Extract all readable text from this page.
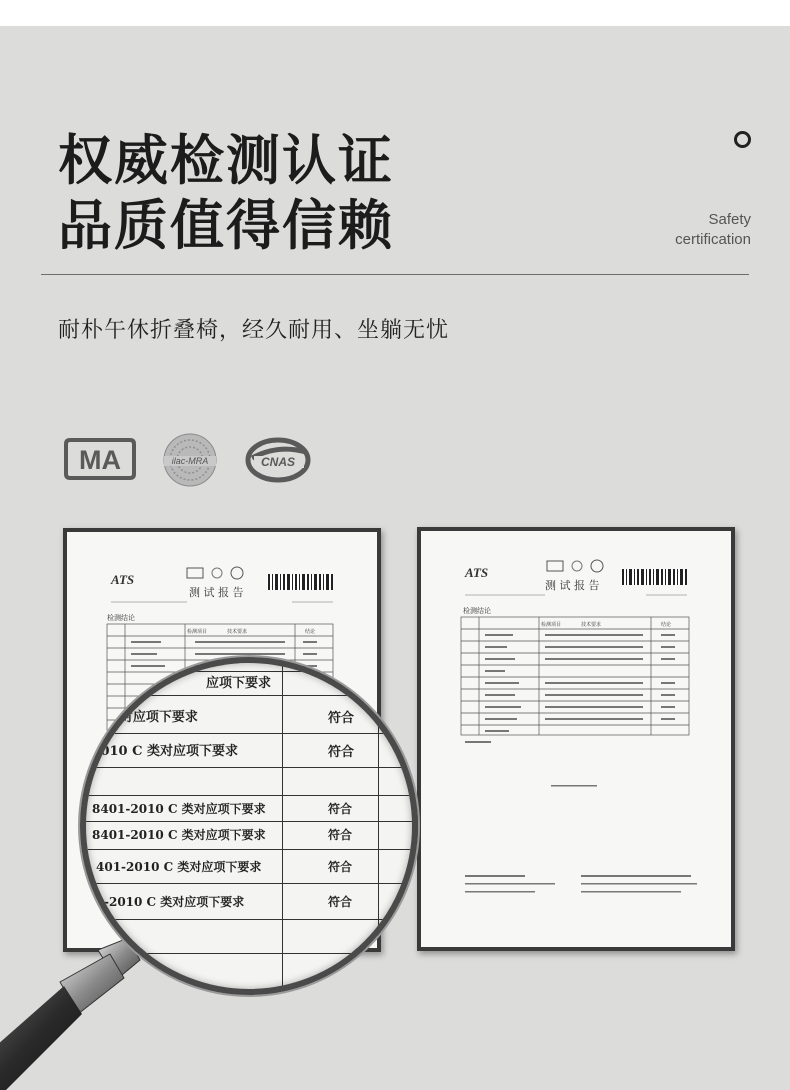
权威检测认证
品质值得信赖	Safety
certification
耐朴午休折叠椅，经久耐用、坐躺无忧
MA	ilac-MRA	CNAS
ATS
测 试 报 告
检测结论
检测项目	技术要求	结论
ATS
测 试 报 告
检测结论
检测项目	技术要求	结论
应项下要求
C 类对应项下要求	符合
-2010 C 类对应项下要求	符合
8401-2010 C 类对应项下要求	符合
8401-2010 C 类对应项下要求	符合
401-2010 C 类对应项下要求	符合
-2010 C 类对应项下要求	符合
